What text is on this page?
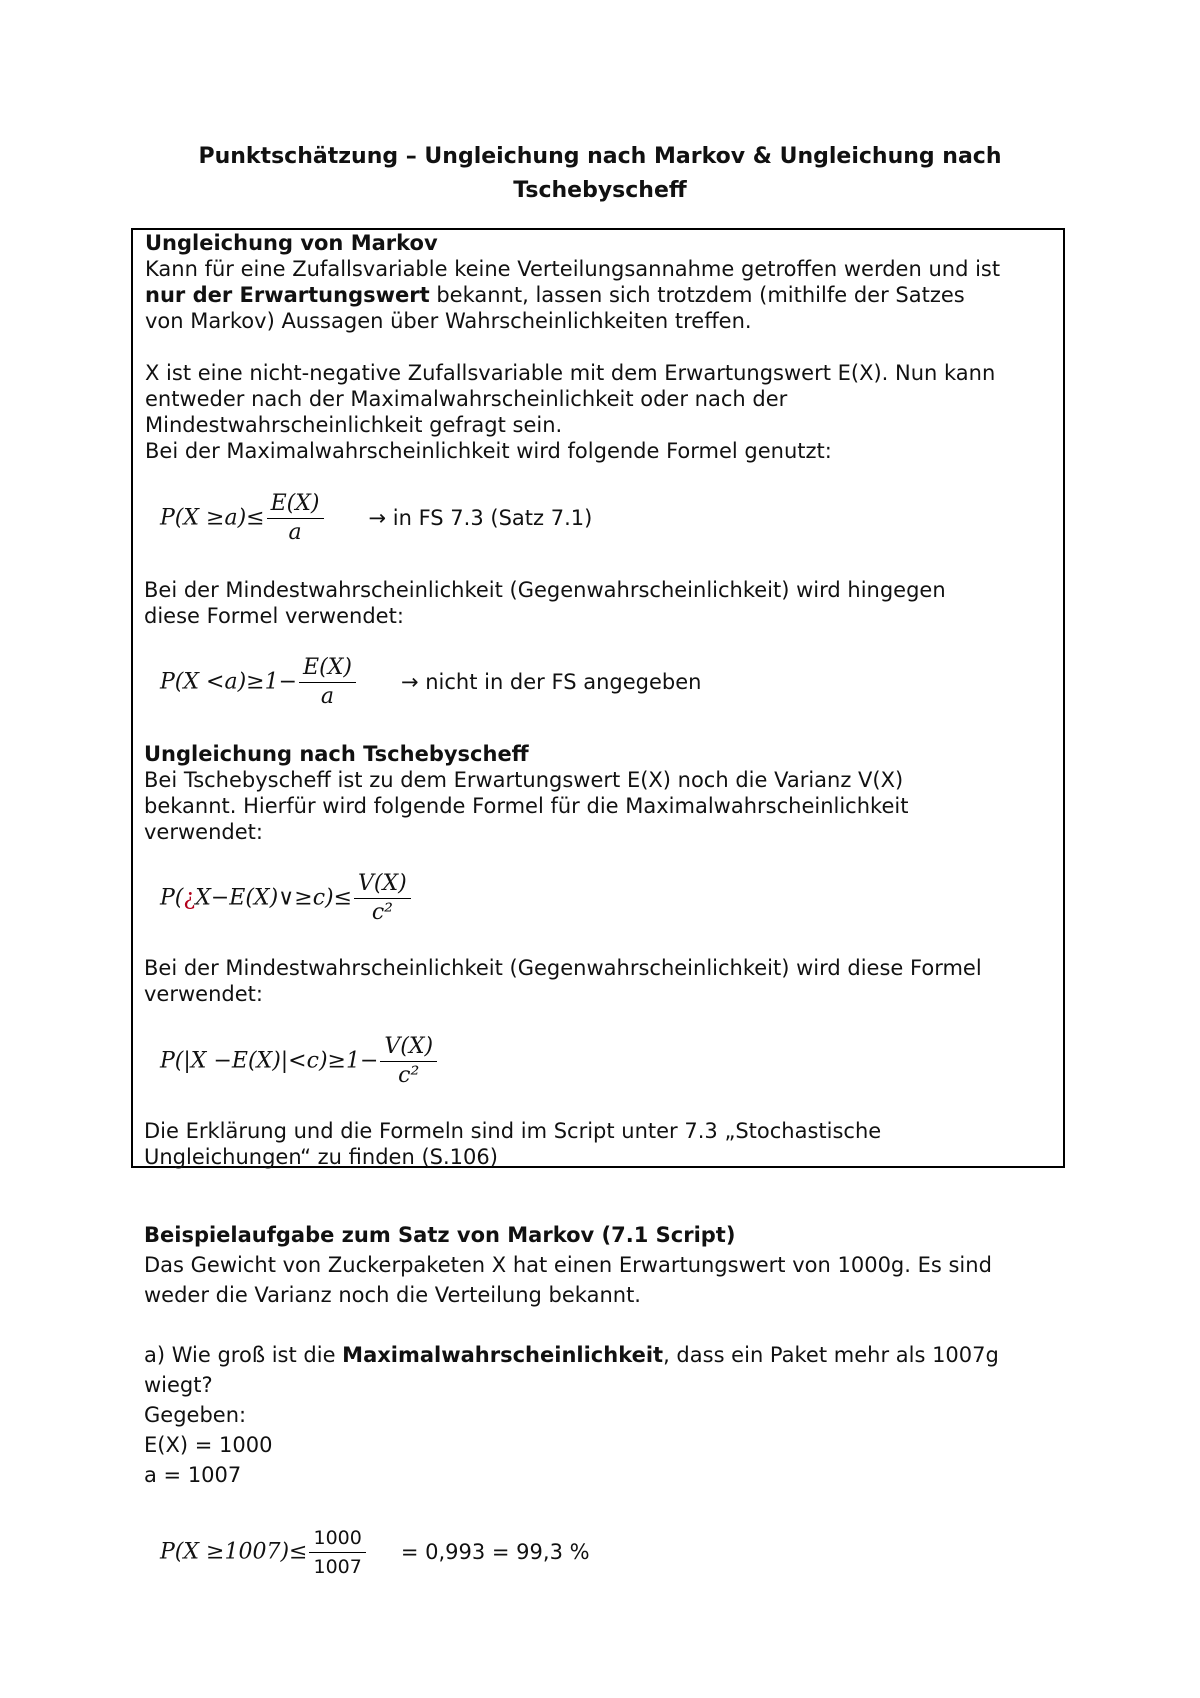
Punktschätzung – Ungleichung nach Markov & Ungleichung nach
Tschebyscheff
Ungleichung von Markov
Kann für eine Zufallsvariable keine Verteilungsannahme getroffen werden und ist
nur der Erwartungswert bekannt, lassen sich trotzdem (mithilfe der Satzes
von Markov) Aussagen über Wahrscheinlichkeiten treffen.
X ist eine nicht-negative Zufallsvariable mit dem Erwartungswert E(X). Nun kann
entweder nach der Maximalwahrscheinlichkeit oder nach der
Mindestwahrscheinlichkeit gefragt sein.
Bei der Maximalwahrscheinlichkeit wird folgende Formel genutzt:
$P(X \ge a)\le \frac{E(X)}{a}$ → in FS 7.3 (Satz 7.1)
Bei der Mindestwahrscheinlichkeit (Gegenwahrscheinlichkeit) wird hingegen
diese Formel verwendet:
$P(X <a)\ge 1- \frac{E(X)}{a}$ → nicht in der FS angegeben
Ungleichung nach Tschebyscheff
Bei Tschebyscheff ist zu dem Erwartungswert E(X) noch die Varianz V(X)
bekannt. Hierfür wird folgende Formel für die Maximalwahrscheinlichkeit
verwendet:
P(¿X−E(X)∨≥c)≤ $\frac{V(X)}{\text{c²}}$
Bei der Mindestwahrscheinlichkeit (Gegenwahrscheinlichkeit) wird diese Formel
verwendet:
$P(|X -E(X)|<c)\ge 1- \frac{V(X)}{\text{c²}}$
Die Erklärung und die Formeln sind im Script unter 7.3 „Stochastische
Ungleichungen“ zu finden (S.106)
Beispielaufgabe zum Satz von Markov (7.1 Script)
Das Gewicht von Zuckerpaketen X hat einen Erwartungswert von 1000g. Es sind
weder die Varianz noch die Verteilung bekannt.
a) Wie groß ist die Maximalwahrscheinlichkeit, dass ein Paket mehr als 1007g
wiegt?
Gegeben:
E(X) = 1000
a = 1007
$P(X \ge 1007)\le \frac{1000}{1007} = 0,993 = 99,3$ %
